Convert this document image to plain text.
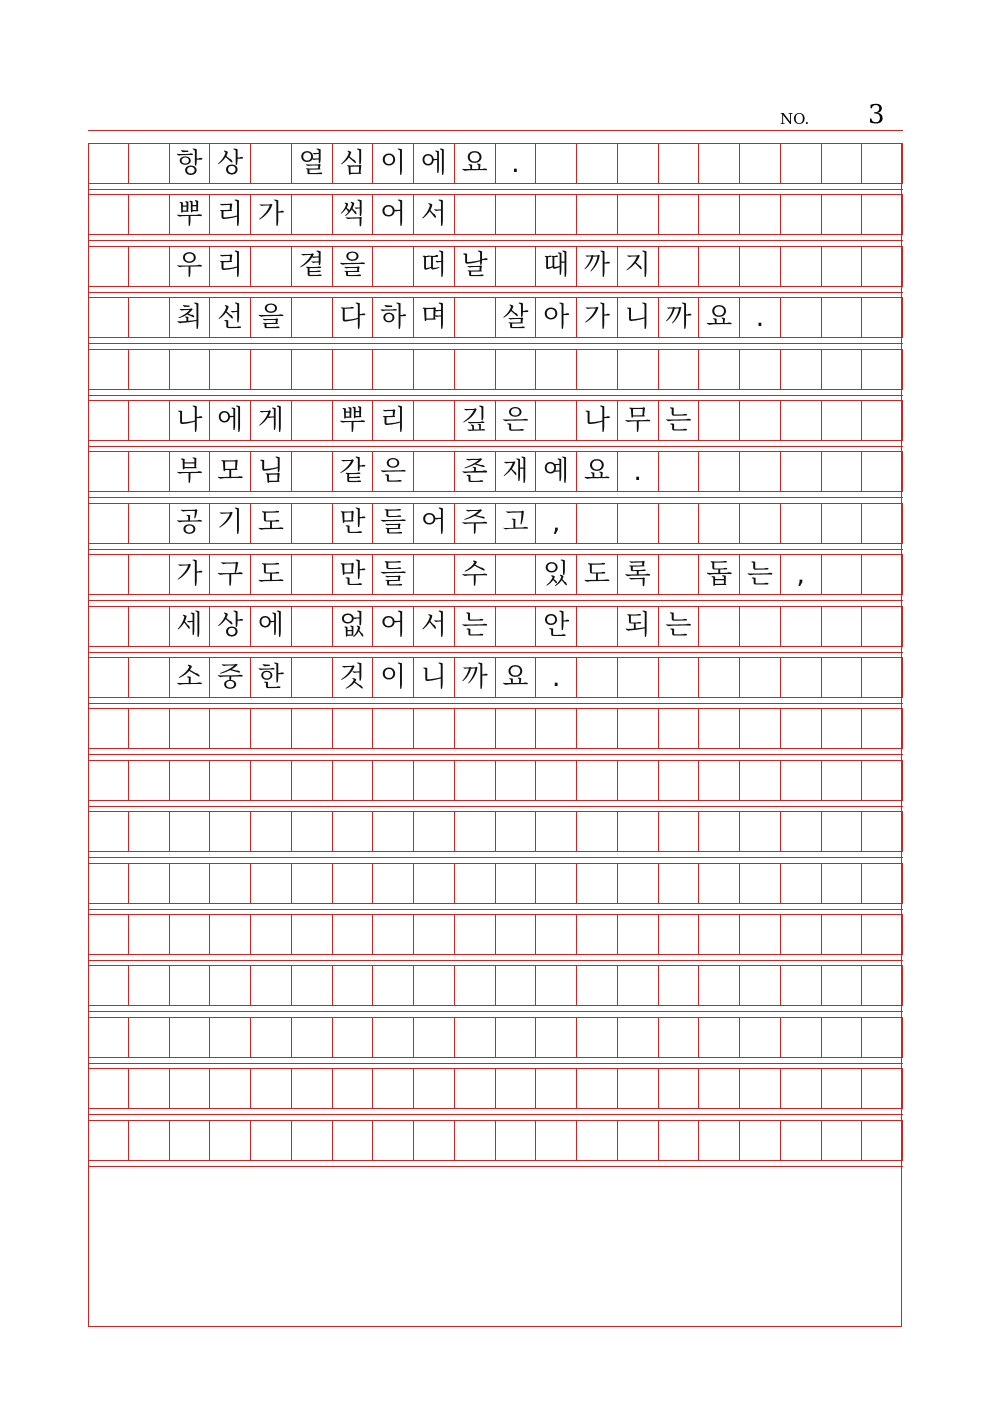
NO. 3
항 상 열 심 이 에 요 .
뿌 리 가 썩 어 서
우 리 곁 을 떠 날 때 까 지
최 선 을 다 하 며 살 아 가 니 까 요 .
나 에 게 뿌 리 깊 은 나 무 는
부 모 님 같 은 존 재 예 요 .
공 기 도 만 들 어 주 고 ,
가 구 도 만 들 수 있 도 록 돕 는 ,
세 상 에 없 어 서 는 안 되 는
소 중 한 것 이 니 까 요 .
